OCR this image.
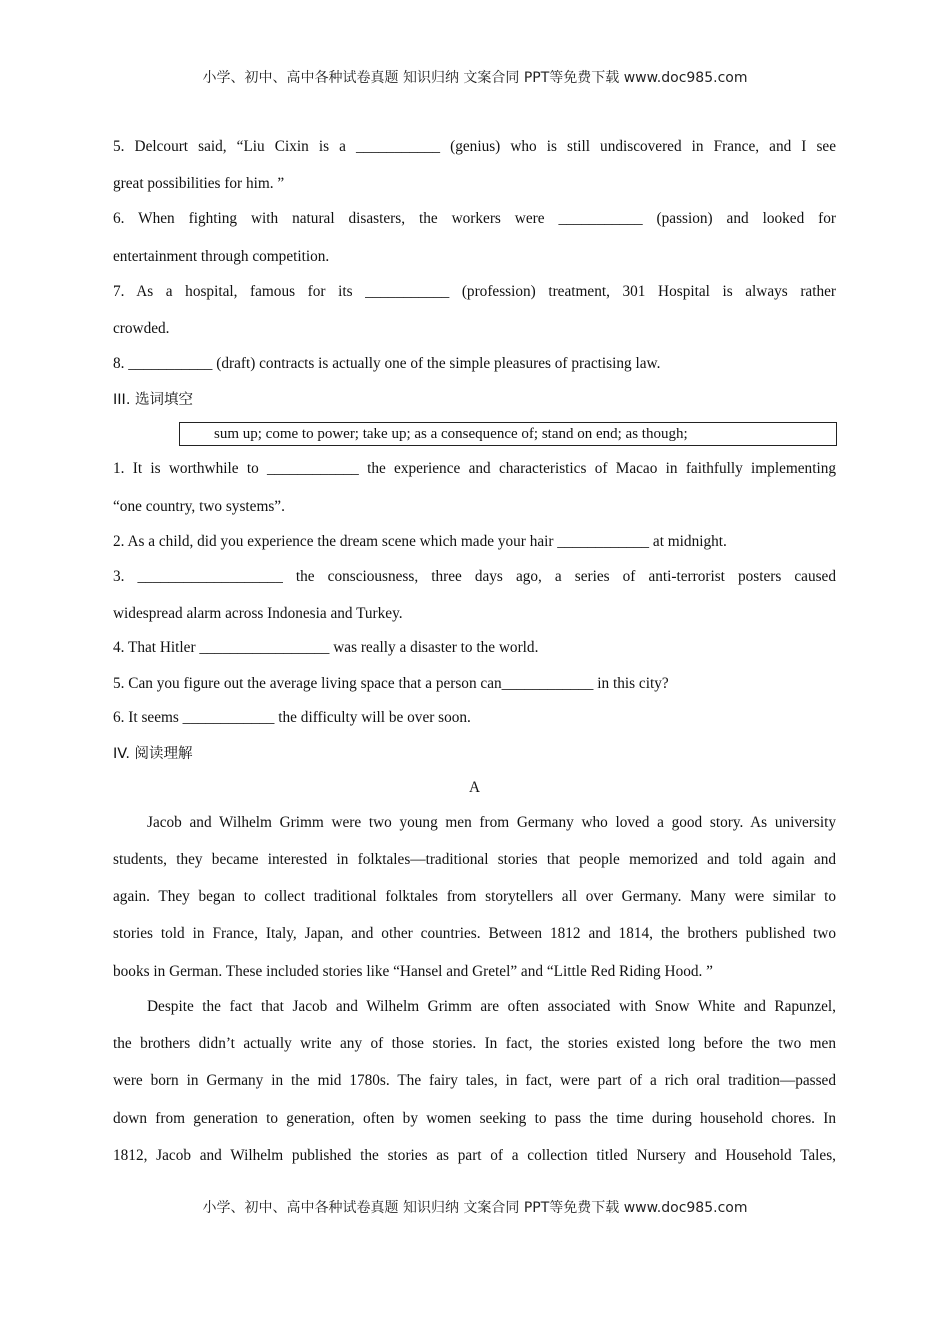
小学、初中、高中各种试卷真题 知识归纳 文案合同 PPT等免费下载 www.doc985.com
5. Delcourt said, “Liu Cixin is a ___________ (genius) who is still undiscovered in France, and I see
great possibilities for him. ”
6. When fighting with natural disasters, the workers were ___________ (passion) and looked for
entertainment through competition.
7. As a hospital, famous for its ___________ (profession) treatment, 301 Hospital is always rather
crowded.
8. ___________ (draft) contracts is actually one of the simple pleasures of practising law.
III. 选词填空
sum up; come to power; take up; as a consequence of; stand on end; as though;
1. It is worthwhile to ____________ the experience and characteristics of Macao in faithfully implementing
“one country, two systems”.
2. As a child, did you experience the dream scene which made your hair ____________ at midnight.
3. ___________________ the consciousness, three days ago, a series of anti-terrorist posters caused
widespread alarm across Indonesia and Turkey.
4. That Hitler _________________ was really a disaster to the world.
5. Can you figure out the average living space that a person can____________ in this city?
6. It seems ____________ the difficulty will be over soon.
IV. 阅读理解
A
Jacob and Wilhelm Grimm were two young men from Germany who loved a good story. As university
students, they became interested in folktales—traditional stories that people memorized and told again and
again. They began to collect traditional folktales from storytellers all over Germany. Many were similar to
stories told in France, Italy, Japan, and other countries. Between 1812 and 1814, the brothers published two
books in German. These included stories like “Hansel and Gretel” and “Little Red Riding Hood. ”
Despite the fact that Jacob and Wilhelm Grimm are often associated with Snow White and Rapunzel,
the brothers didn’t actually write any of those stories. In fact, the stories existed long before the two men
were born in Germany in the mid 1780s. The fairy tales, in fact, were part of a rich oral tradition—passed
down from generation to generation, often by women seeking to pass the time during household chores. In
1812, Jacob and Wilhelm published the stories as part of a collection titled Nursery and Household Tales,
小学、初中、高中各种试卷真题 知识归纳 文案合同 PPT等免费下载 www.doc985.com
